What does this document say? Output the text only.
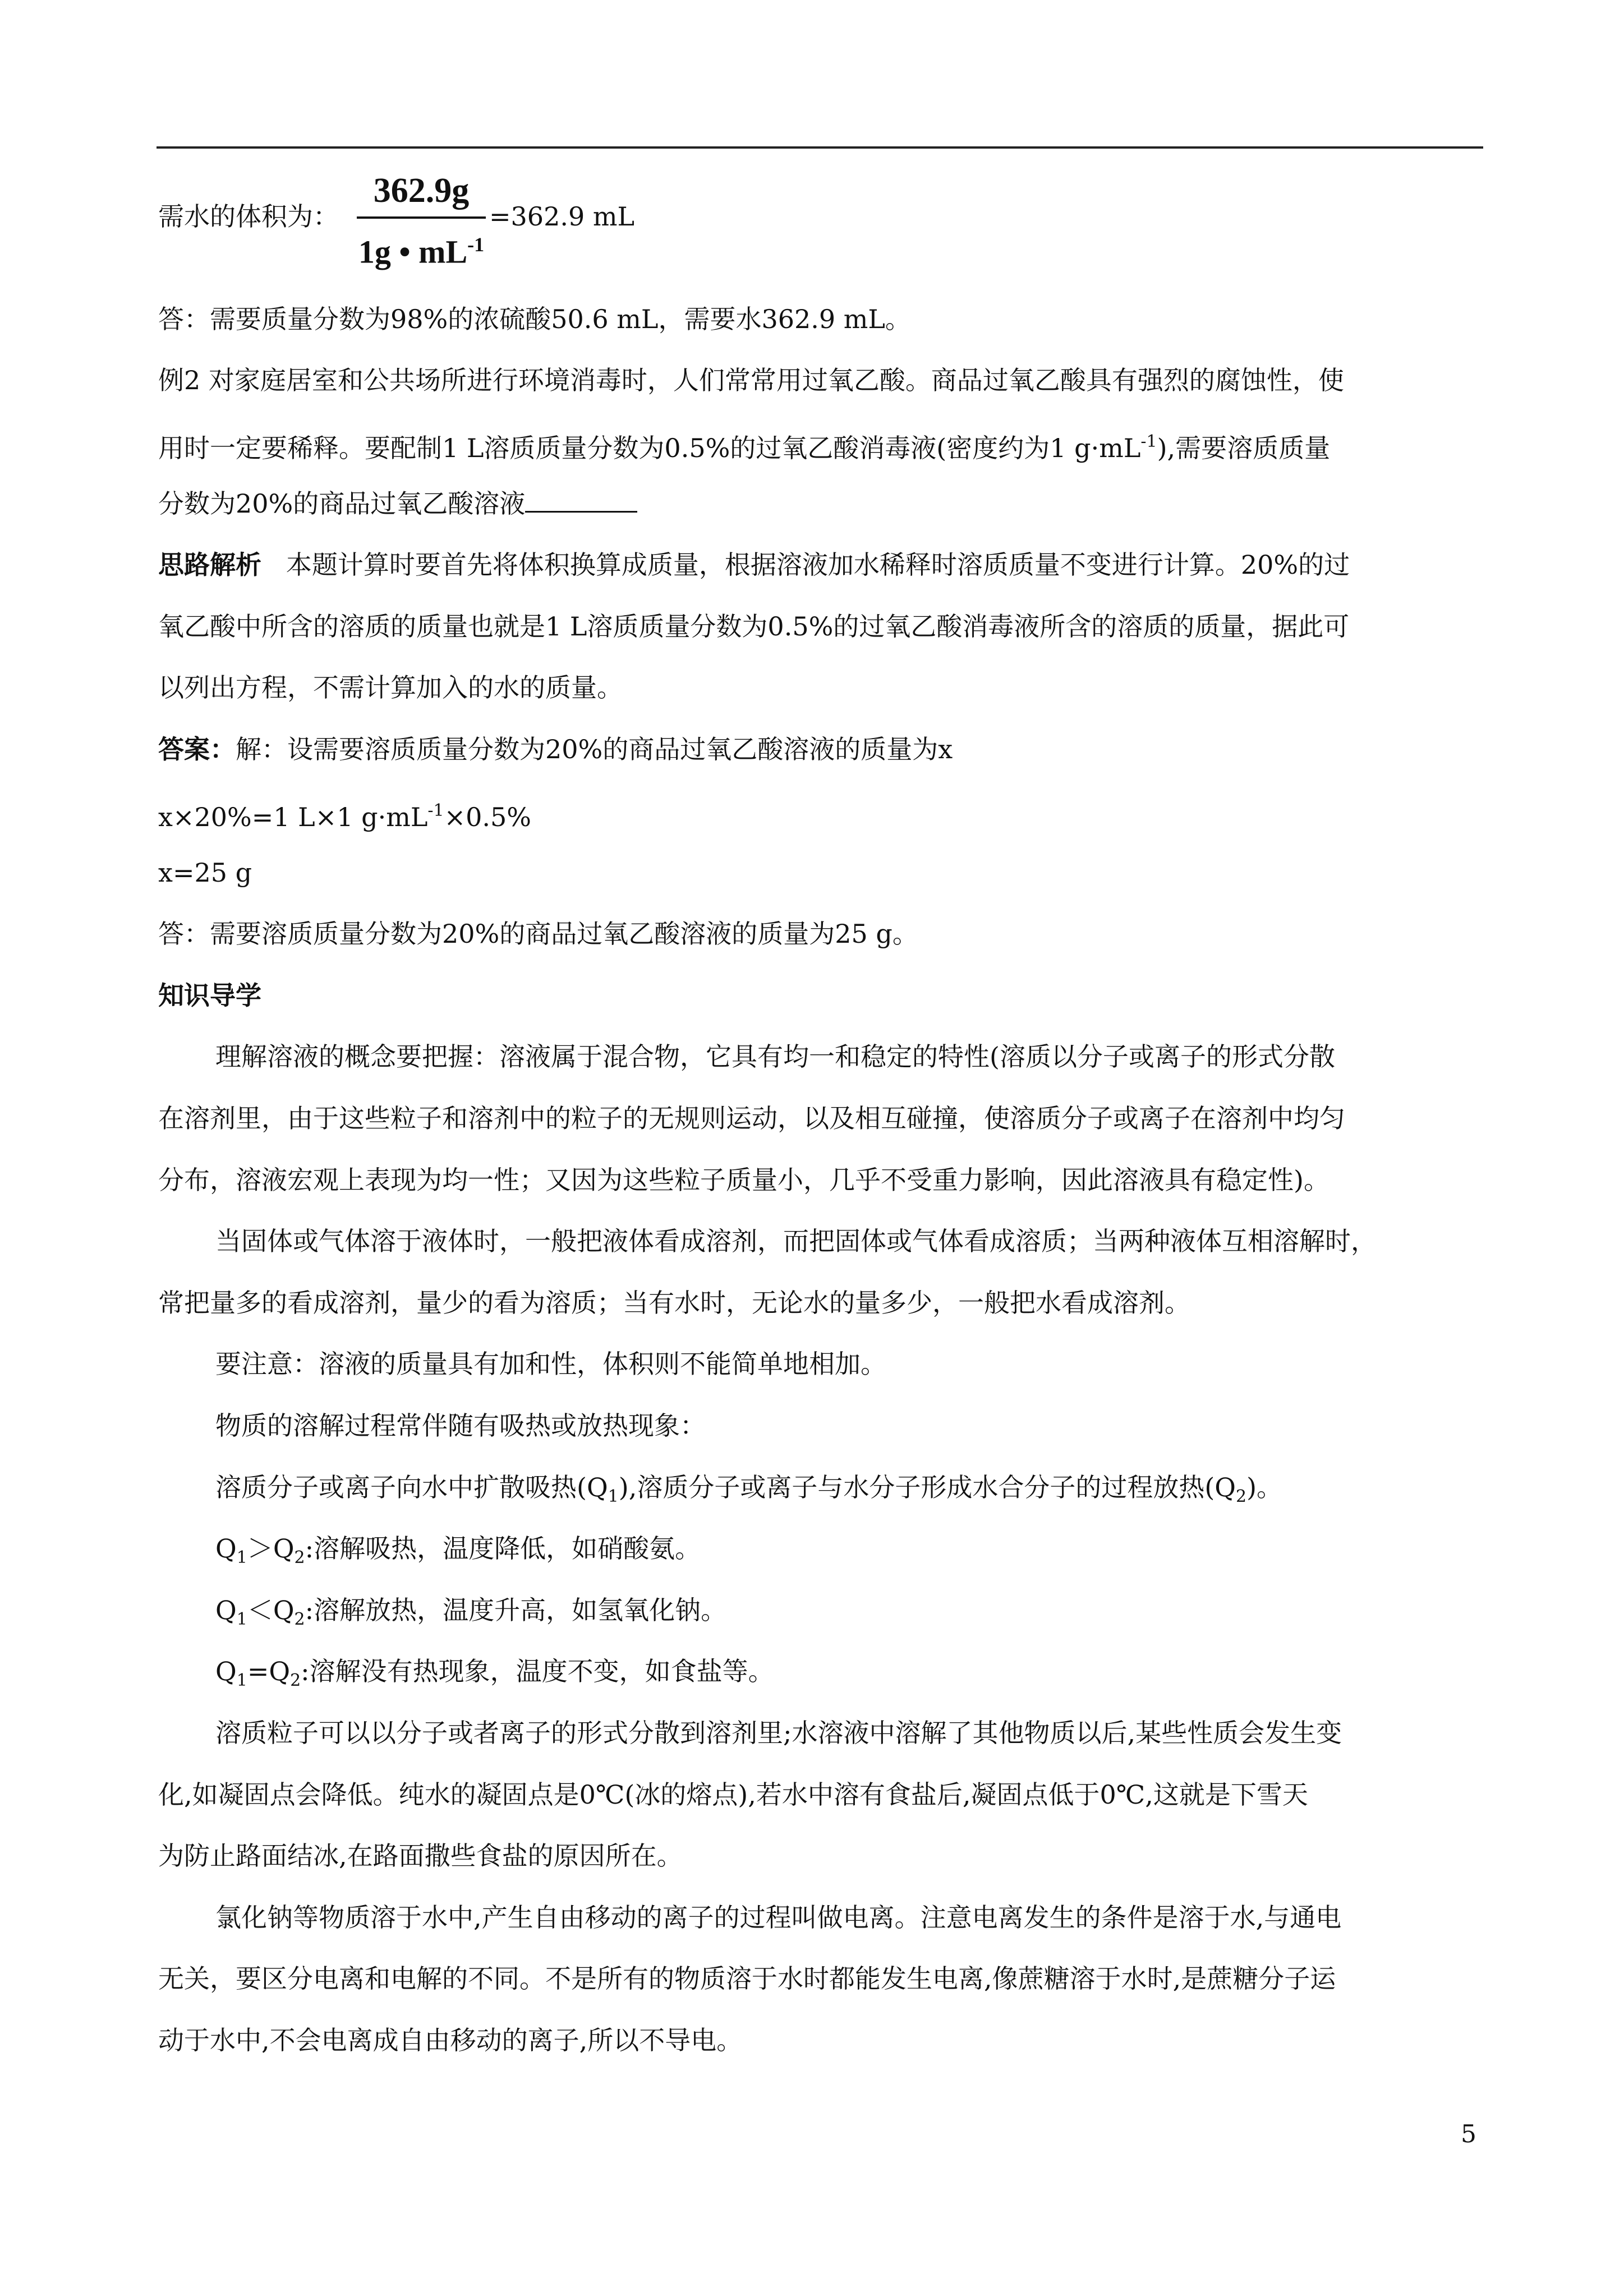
需水的体积为：
362.9g
1g • $mL^{-1}$
=362.9 mL
答：需要质量分数为98%的浓硫酸50.6 mL，需要水362.9 mL。
例2 对家庭居室和公共场所进行环境消毒时，人们常常用过氧乙酸。商品过氧乙酸具有强烈的腐蚀性，使
用时一定要稀释。要配制1 L溶质质量分数为0.5%的过氧乙酸消毒液(密度约为1 $g\cdot mL^{-1}$),需要溶质质量
分数为20%的商品过氧乙酸溶液
思路解析 本题计算时要首先将体积换算成质量，根据溶液加水稀释时溶质质量不变进行计算。20%的过
氧乙酸中所含的溶质的质量也就是1 L溶质质量分数为0.5%的过氧乙酸消毒液所含的溶质的质量，据此可
以列出方程，不需计算加入的水的质量。
答案：解：设需要溶质质量分数为20%的商品过氧乙酸溶液的质量为x
x×20%=1 L×1 $g\cdot mL^{-1}\times 0.5\%$
x=25 g
答：需要溶质质量分数为20%的商品过氧乙酸溶液的质量为25 g。
知识导学
理解溶液的概念要把握：溶液属于混合物，它具有均一和稳定的特性(溶质以分子或离子的形式分散
在溶剂里，由于这些粒子和溶剂中的粒子的无规则运动，以及相互碰撞，使溶质分子或离子在溶剂中均匀
分布，溶液宏观上表现为均一性；又因为这些粒子质量小，几乎不受重力影响，因此溶液具有稳定性)。
当固体或气体溶于液体时，一般把液体看成溶剂，而把固体或气体看成溶质；当两种液体互相溶解时，
常把量多的看成溶剂，量少的看为溶质；当有水时，无论水的量多少，一般把水看成溶剂。
要注意：溶液的质量具有加和性，体积则不能简单地相加。
物质的溶解过程常伴随有吸热或放热现象：
溶质分子或离子向水中扩散吸热$(Q_1)$,溶质分子或离子与水分子形成水合分子的过程放热$(Q_2)$。
$Q_1>Q_2$:溶解吸热，温度降低，如硝酸氨。
$Q_1<Q_2$:溶解放热，温度升高，如氢氧化钠。
$Q_1=Q_2$:溶解没有热现象，温度不变，如食盐等。
溶质粒子可以以分子或者离子的形式分散到溶剂里;水溶液中溶解了其他物质以后,某些性质会发生变
化,如凝固点会降低。纯水的凝固点是0℃(冰的熔点),若水中溶有食盐后,凝固点低于0℃,这就是下雪天
为防止路面结冰,在路面撒些食盐的原因所在。
氯化钠等物质溶于水中,产生自由移动的离子的过程叫做电离。注意电离发生的条件是溶于水,与通电
无关，要区分电离和电解的不同。不是所有的物质溶于水时都能发生电离,像蔗糖溶于水时,是蔗糖分子运
动于水中,不会电离成自由移动的离子,所以不导电。
5
